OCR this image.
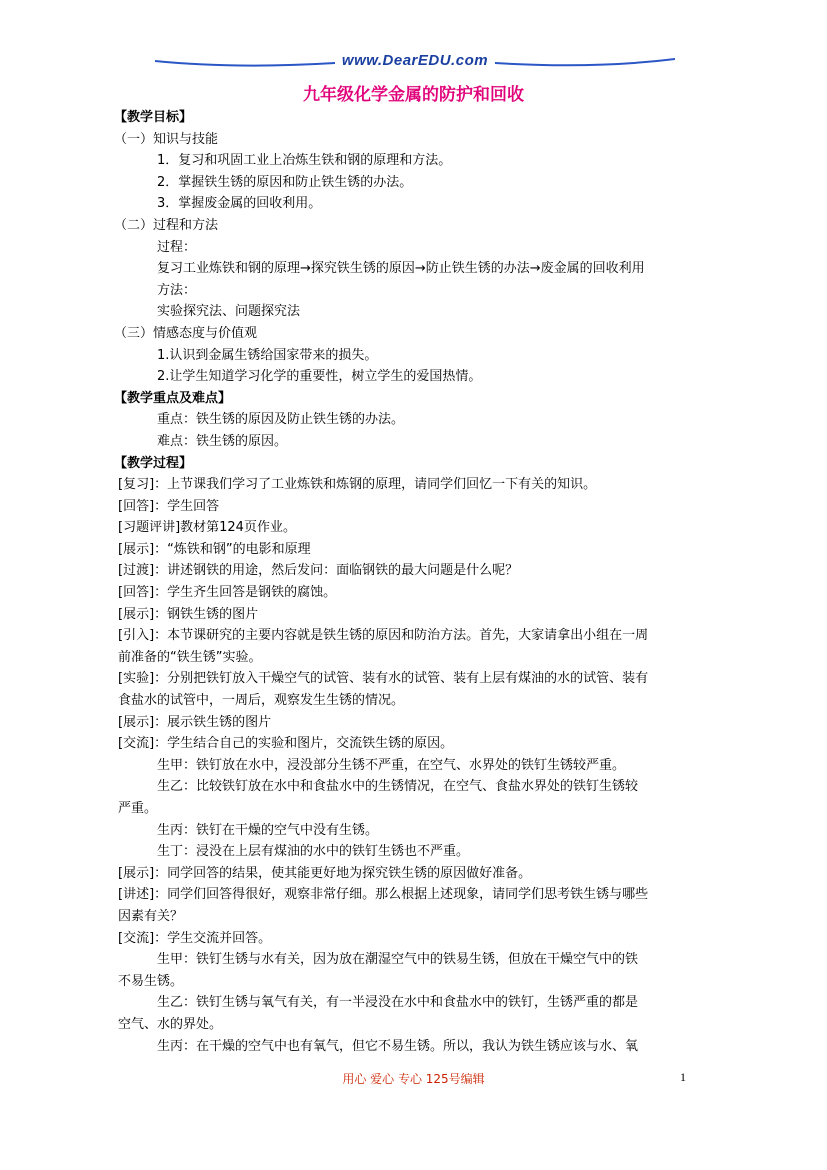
www.DearEDU.com
九年级化学金属的防护和回收
【教学目标】
（一）知识与技能
1．复习和巩固工业上冶炼生铁和钢的原理和方法。
2．掌握铁生锈的原因和防止铁生锈的办法。
3．掌握废金属的回收利用。
（二）过程和方法
过程：
复习工业炼铁和钢的原理→探究铁生锈的原因→防止铁生锈的办法→废金属的回收利用
方法：
实验探究法、问题探究法
（三）情感态度与价值观
1.认识到金属生锈给国家带来的损失。
2.让学生知道学习化学的重要性，树立学生的爱国热情。
【教学重点及难点】
重点：铁生锈的原因及防止铁生锈的办法。
难点：铁生锈的原因。
【教学过程】
[复习]：上节课我们学习了工业炼铁和炼钢的原理，请同学们回忆一下有关的知识。
[回答]：学生回答
[习题评讲]教材第124页作业。
[展示]：“炼铁和钢”的电影和原理
[过渡]：讲述钢铁的用途，然后发问：面临钢铁的最大问题是什么呢？
[回答]：学生齐生回答是钢铁的腐蚀。
[展示]：钢铁生锈的图片
[引入]：本节课研究的主要内容就是铁生锈的原因和防治方法。首先，大家请拿出小组在一周
前准备的“铁生锈”实验。
[实验]：分别把铁钉放入干燥空气的试管、装有水的试管、装有上层有煤油的水的试管、装有
食盐水的试管中，一周后，观察发生生锈的情况。
[展示]：展示铁生锈的图片
[交流]：学生结合自己的实验和图片，交流铁生锈的原因。
生甲：铁钉放在水中，浸没部分生锈不严重，在空气、水界处的铁钉生锈较严重。
生乙：比较铁钉放在水中和食盐水中的生锈情况，在空气、食盐水界处的铁钉生锈较
严重。
生丙：铁钉在干燥的空气中没有生锈。
生丁：浸没在上层有煤油的水中的铁钉生锈也不严重。
[展示]：同学回答的结果，使其能更好地为探究铁生锈的原因做好准备。
[讲述]：同学们回答得很好，观察非常仔细。那么根据上述现象，请同学们思考铁生锈与哪些
因素有关？
[交流]：学生交流并回答。
生甲：铁钉生锈与水有关，因为放在潮湿空气中的铁易生锈，但放在干燥空气中的铁
不易生锈。
生乙：铁钉生锈与氧气有关，有一半浸没在水中和食盐水中的铁钉，生锈严重的都是
空气、水的界处。
生丙：在干燥的空气中也有氧气，但它不易生锈。所以，我认为铁生锈应该与水、氧
用心 爱心 专心 125号编辑	1
